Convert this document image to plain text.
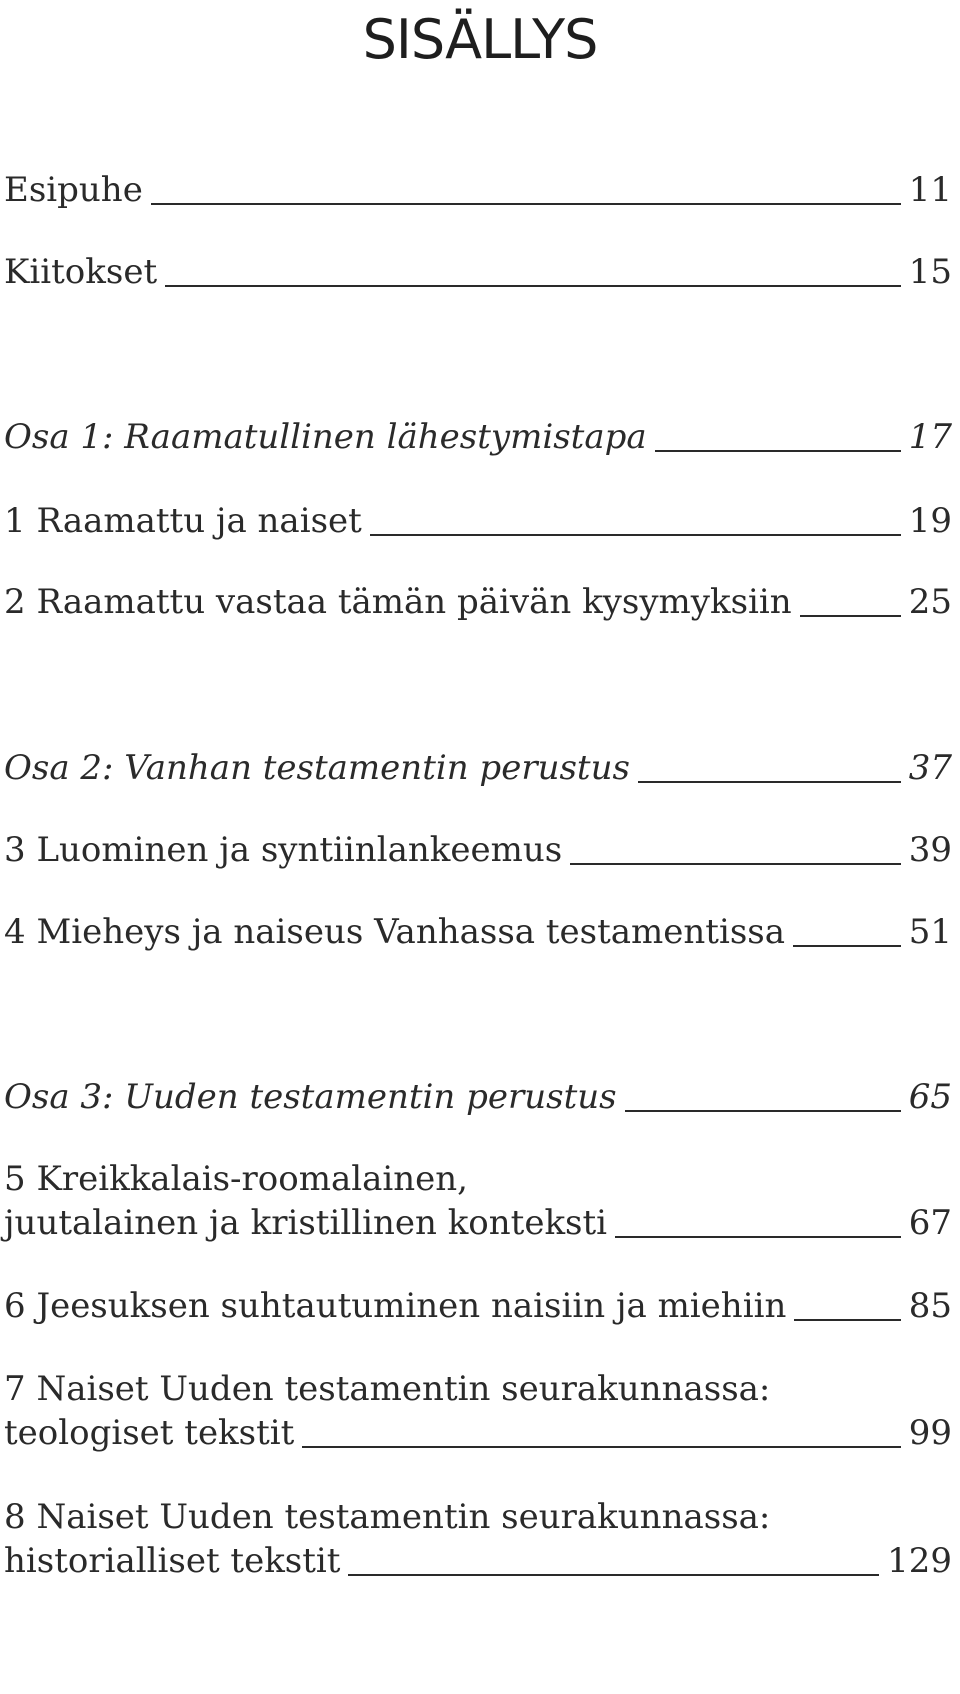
SISÄLLYS
Esipuhe	11
Kiitokset	15
Osa 1: Raamatullinen lähestymistapa	17
1 Raamattu ja naiset	19
2 Raamattu vastaa tämän päivän kysymyksiin	25
Osa 2: Vanhan testamentin perustus	37
3 Luominen ja syntiinlankeemus	39
4 Mieheys ja naiseus Vanhassa testamentissa	51
Osa 3: Uuden testamentin perustus	65
5 Kreikkalais-roomalainen,
juutalainen ja kristillinen konteksti	67
6 Jeesuksen suhtautuminen naisiin ja miehiin	85
7 Naiset Uuden testamentin seurakunnassa:
teologiset tekstit	99
8 Naiset Uuden testamentin seurakunnassa:
historialliset tekstit	129
